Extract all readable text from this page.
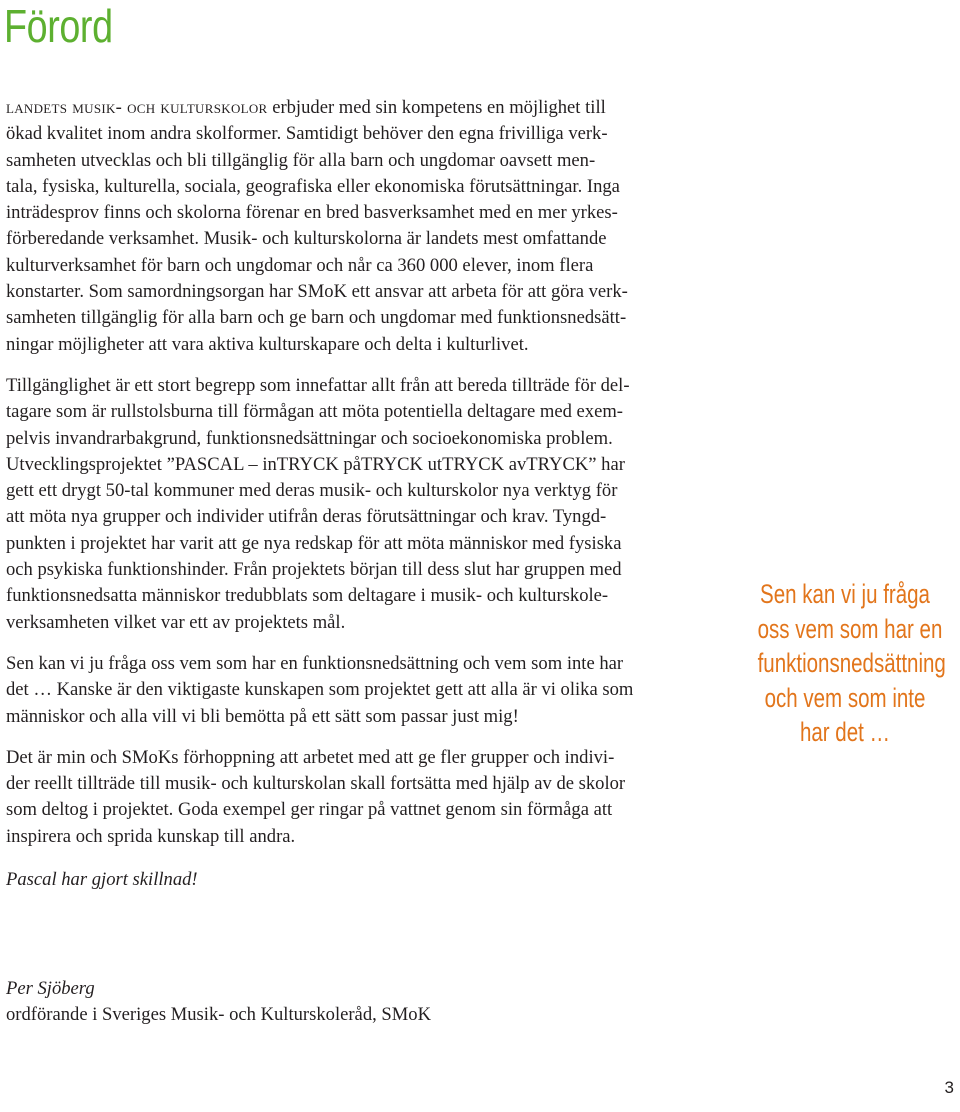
Förord

landets musik- och kulturskolor erbjuder med sin kompetens en möjlighet till
ökad kvalitet inom andra skolformer. Samtidigt behöver den egna frivilliga verk-
samheten utvecklas och bli tillgänglig för alla barn och ungdomar oavsett men-
tala, fysiska, kulturella, sociala, geografiska eller ekonomiska förutsättningar. Inga
inträdesprov finns och skolorna förenar en bred basverksamhet med en mer yrkes-
förberedande verksamhet. Musik- och kulturskolorna är landets mest omfattande
kulturverksamhet för barn och ungdomar och når ca 360 000 elever, inom flera
konstarter. Som samordningsorgan har SMoK ett ansvar att arbeta för att göra verk-
samheten tillgänglig för alla barn och ge barn och ungdomar med funktionsnedsätt-
ningar möjligheter att vara aktiva kulturskapare och delta i kulturlivet.

Tillgänglighet är ett stort begrepp som innefattar allt från att bereda tillträde för del-
tagare som är rullstolsburna till förmågan att möta potentiella deltagare med exem-
pelvis invandrarbakgrund, funktionsnedsättningar och socioekonomiska problem.
Utvecklingsprojektet ”PASCAL – inTRYCK påTRYCK utTRYCK avTRYCK” har
gett ett drygt 50-tal kommuner med deras musik- och kulturskolor nya verktyg för
att möta nya grupper och individer utifrån deras förutsättningar och krav. Tyngd-
punkten i projektet har varit att ge nya redskap för att möta människor med fysiska
och psykiska funktionshinder. Från projektets början till dess slut har gruppen med
funktionsnedsatta människor tredubblats som deltagare i musik- och kulturskole-
verksamheten vilket var ett av projektets mål.

Sen kan vi ju fråga oss vem som har en funktionsnedsättning och vem som inte har
det … Kanske är den viktigaste kunskapen som projektet gett att alla är vi olika som
människor och alla vill vi bli bemötta på ett sätt som passar just mig!

Det är min och SMoKs förhoppning att arbetet med att ge fler grupper och indivi-
der reellt tillträde till musik- och kulturskolan skall fortsätta med hjälp av de skolor
som deltog i projektet. Goda exempel ger ringar på vattnet genom sin förmåga att
inspirera och sprida kunskap till andra.

Pascal har gjort skillnad!

Per Sjöberg
ordförande i Sveriges Musik- och Kulturskoleråd, SMoK
Sen kan vi ju fråga
oss vem som har en
funktionsnedsättning
och vem som inte
har det …
3
